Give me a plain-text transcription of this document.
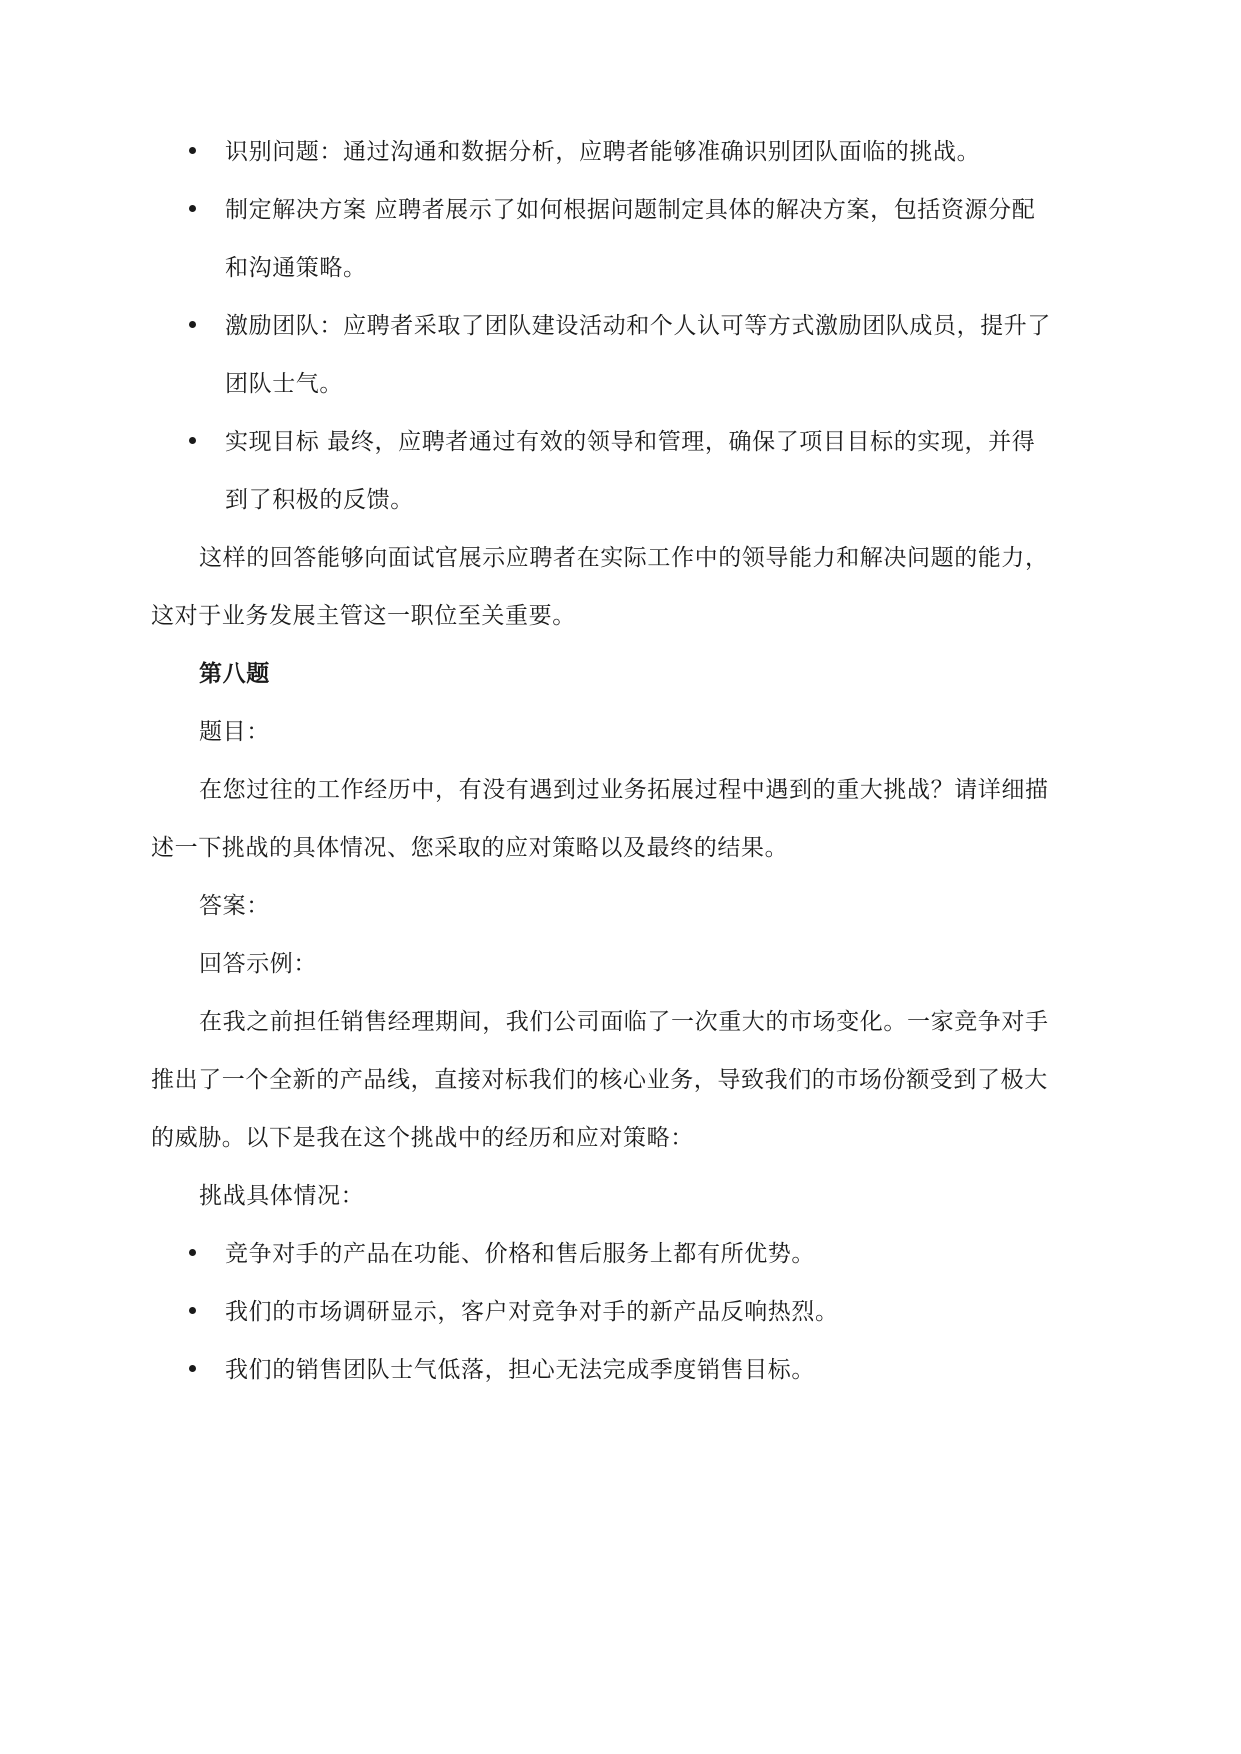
识别问题：通过沟通和数据分析，应聘者能够准确识别团队面临的挑战。
制定解决方案 应聘者展示了如何根据问题制定具体的解决方案，包括资源分配
和沟通策略。
激励团队：应聘者采取了团队建设活动和个人认可等方式激励团队成员，提升了
团队士气。
实现目标 最终，应聘者通过有效的领导和管理，确保了项目目标的实现，并得
到了积极的反馈。
这样的回答能够向面试官展示应聘者在实际工作中的领导能力和解决问题的能力，
这对于业务发展主管这一职位至关重要。
第八题
题目：
在您过往的工作经历中，有没有遇到过业务拓展过程中遇到的重大挑战？请详细描
述一下挑战的具体情况、您采取的应对策略以及最终的结果。
答案：
回答示例：
在我之前担任销售经理期间，我们公司面临了一次重大的市场变化。一家竞争对手
推出了一个全新的产品线，直接对标我们的核心业务，导致我们的市场份额受到了极大
的威胁。以下是我在这个挑战中的经历和应对策略：
挑战具体情况：
竞争对手的产品在功能、价格和售后服务上都有所优势。
我们的市场调研显示，客户对竞争对手的新产品反响热烈。
我们的销售团队士气低落，担心无法完成季度销售目标。
